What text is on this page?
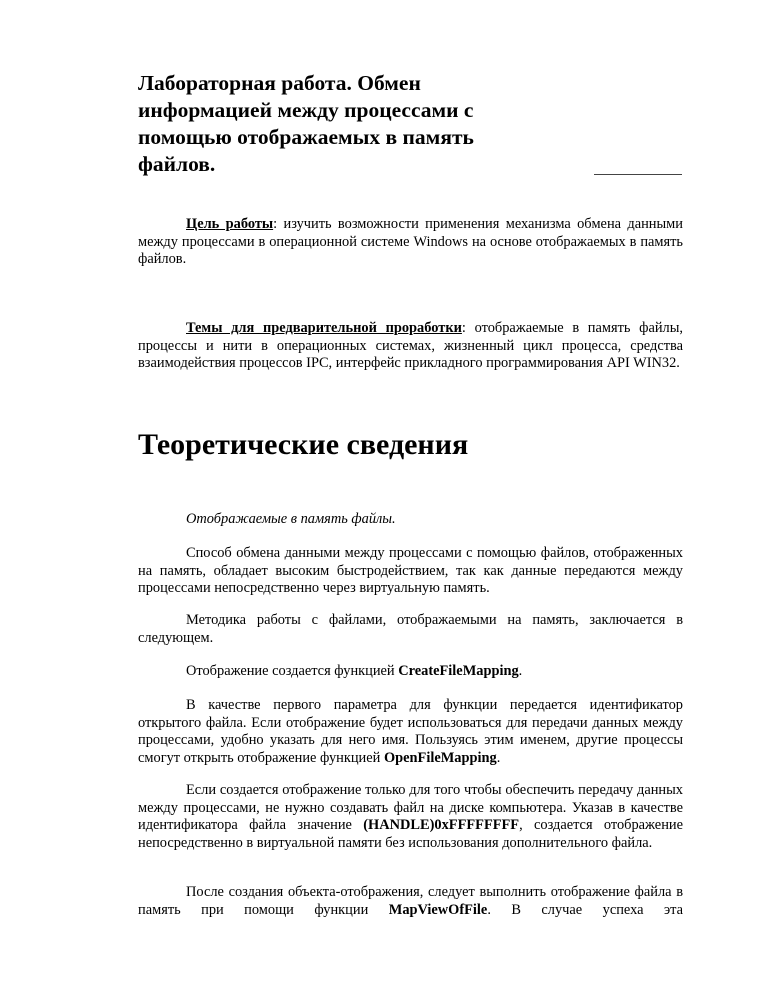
Лабораторная работа. Обмен информацией между процессами с помощью отображаемых в память файлов.

Цель работы: изучить возможности применения механизма обмена данными между процессами в операционной системе Windows на основе отображаемых в память файлов.

Темы для предварительной проработки: отображаемые в память файлы, процессы и нити в операционных системах, жизненный цикл процесса, средства взаимодействия процессов IPC, интерфейс прикладного программирования API WIN32.

Теоретические сведения

Отображаемые в память файлы.

Способ обмена данными между процессами с помощью файлов, отображенных на память, обладает высоким быстродействием, так как данные передаются между процессами непосредственно через виртуальную память.

Методика работы с файлами, отображаемыми на память, заключается в следующем.

Отображение создается функцией CreateFileMapping.

В качестве первого параметра для функции передается идентификатор открытого файла. Если отображение будет использоваться для передачи данных между процессами, удобно указать для него имя. Пользуясь этим именем, другие процессы смогут открыть отображение функцией OpenFileMapping.

Если создается отображение только для того чтобы обеспечить передачу данных между процессами, не нужно создавать файл на диске компьютера. Указав в качестве идентификатора файла значение (HANDLE)0xFFFFFFFF, создается отображение непосредственно в виртуальной памяти без использования дополнительного файла.

После создания объекта-отображения, следует выполнить отображение файла в память при помощи функции MapViewOfFile. В случае успеха эта
